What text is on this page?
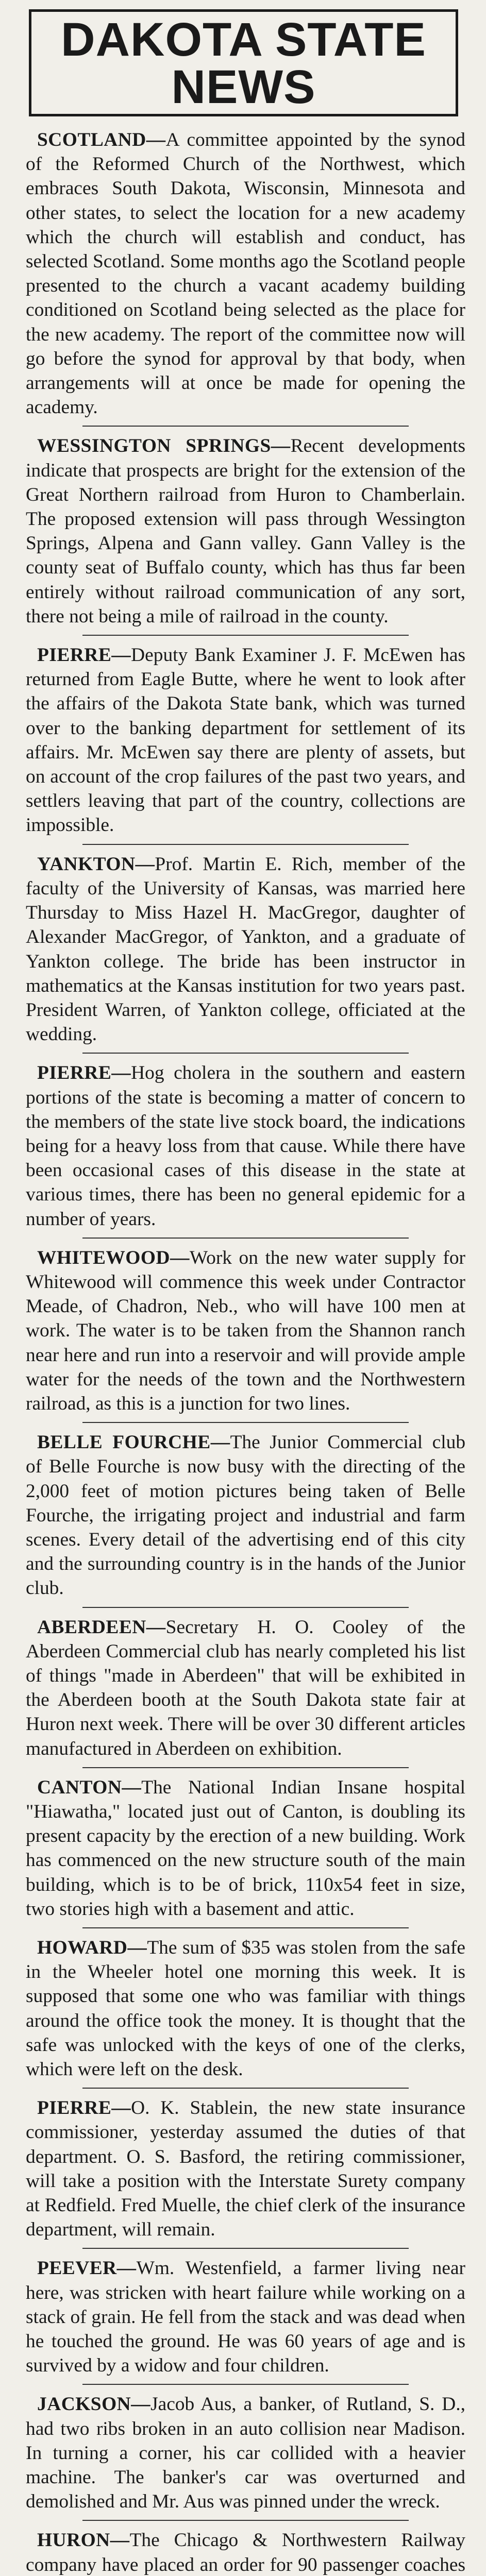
DAKOTA STATE NEWS

SCOTLAND—A committee appointed by the synod of the Reformed Church of the Northwest, which embraces South Dakota, Wisconsin, Minnesota and other states, to select the location for a new academy which the church will establish and conduct, has selected Scotland. Some months ago the Scotland people presented to the church a vacant academy building conditioned on Scotland being selected as the place for the new academy. The report of the committee now will go before the synod for approval by that body, when arrangements will at once be made for opening the academy.

WESSINGTON SPRINGS—Recent developments indicate that prospects are bright for the extension of the Great Northern railroad from Huron to Chamberlain. The proposed extension will pass through Wessington Springs, Alpena and Gann valley. Gann Valley is the county seat of Buffalo county, which has thus far been entirely without railroad communication of any sort, there not being a mile of railroad in the county.

PIERRE—Deputy Bank Examiner J. F. McEwen has returned from Eagle Butte, where he went to look after the affairs of the Dakota State bank, which was turned over to the banking department for settlement of its affairs. Mr. McEwen say there are plenty of assets, but on account of the crop failures of the past two years, and settlers leaving that part of the country, collections are impossible.

YANKTON—Prof. Martin E. Rich, member of the faculty of the University of Kansas, was married here Thursday to Miss Hazel H. MacGregor, daughter of Alexander MacGregor, of Yankton, and a graduate of Yankton college. The bride has been instructor in mathematics at the Kansas institution for two years past. President Warren, of Yankton college, officiated at the wedding.

PIERRE—Hog cholera in the southern and eastern portions of the state is becoming a matter of concern to the members of the state live stock board, the indications being for a heavy loss from that cause. While there have been occasional cases of this disease in the state at various times, there has been no general epidemic for a number of years.

WHITEWOOD—Work on the new water supply for Whitewood will commence this week under Contractor Meade, of Chadron, Neb., who will have 100 men at work. The water is to be taken from the Shannon ranch near here and run into a reservoir and will provide ample water for the needs of the town and the Northwestern railroad, as this is a junction for two lines.

BELLE FOURCHE—The Junior Commercial club of Belle Fourche is now busy with the directing of the 2,000 feet of motion pictures being taken of Belle Fourche, the irrigating project and industrial and farm scenes. Every detail of the advertising end of this city and the surrounding country is in the hands of the Junior club.

ABERDEEN—Secretary H. O. Cooley of the Aberdeen Commercial club has nearly completed his list of things "made in Aberdeen" that will be exhibited in the Aberdeen booth at the South Dakota state fair at Huron next week. There will be over 30 different articles manufactured in Aberdeen on exhibition.

CANTON—The National Indian Insane hospital "Hiawatha," located just out of Canton, is doubling its present capacity by the erection of a new building. Work has commenced on the new structure south of the main building, which is to be of brick, 110x54 feet in size, two stories high with a basement and attic.

HOWARD—The sum of $35 was stolen from the safe in the Wheeler hotel one morning this week. It is supposed that some one who was familiar with things around the office took the money. It is thought that the safe was unlocked with the keys of one of the clerks, which were left on the desk.

PIERRE—O. K. Stablein, the new state insurance commissioner, yesterday assumed the duties of that department. O. S. Basford, the retiring commissioner, will take a position with the Interstate Surety company at Redfield. Fred Muelle, the chief clerk of the insurance department, will remain.

PEEVER—Wm. Westenfield, a farmer living near here, was stricken with heart failure while working on a stack of grain. He fell from the stack and was dead when he touched the ground. He was 60 years of age and is survived by a widow and four children.

JACKSON—Jacob Aus, a banker, of Rutland, S. D., had two ribs broken in an auto collision near Madison. In turning a corner, his car collided with a heavier machine. The banker's car was overturned and demolished and Mr. Aus was pinned under the wreck.

HURON—The Chicago & Northwestern Railway company have placed an order for 90 passenger coaches
